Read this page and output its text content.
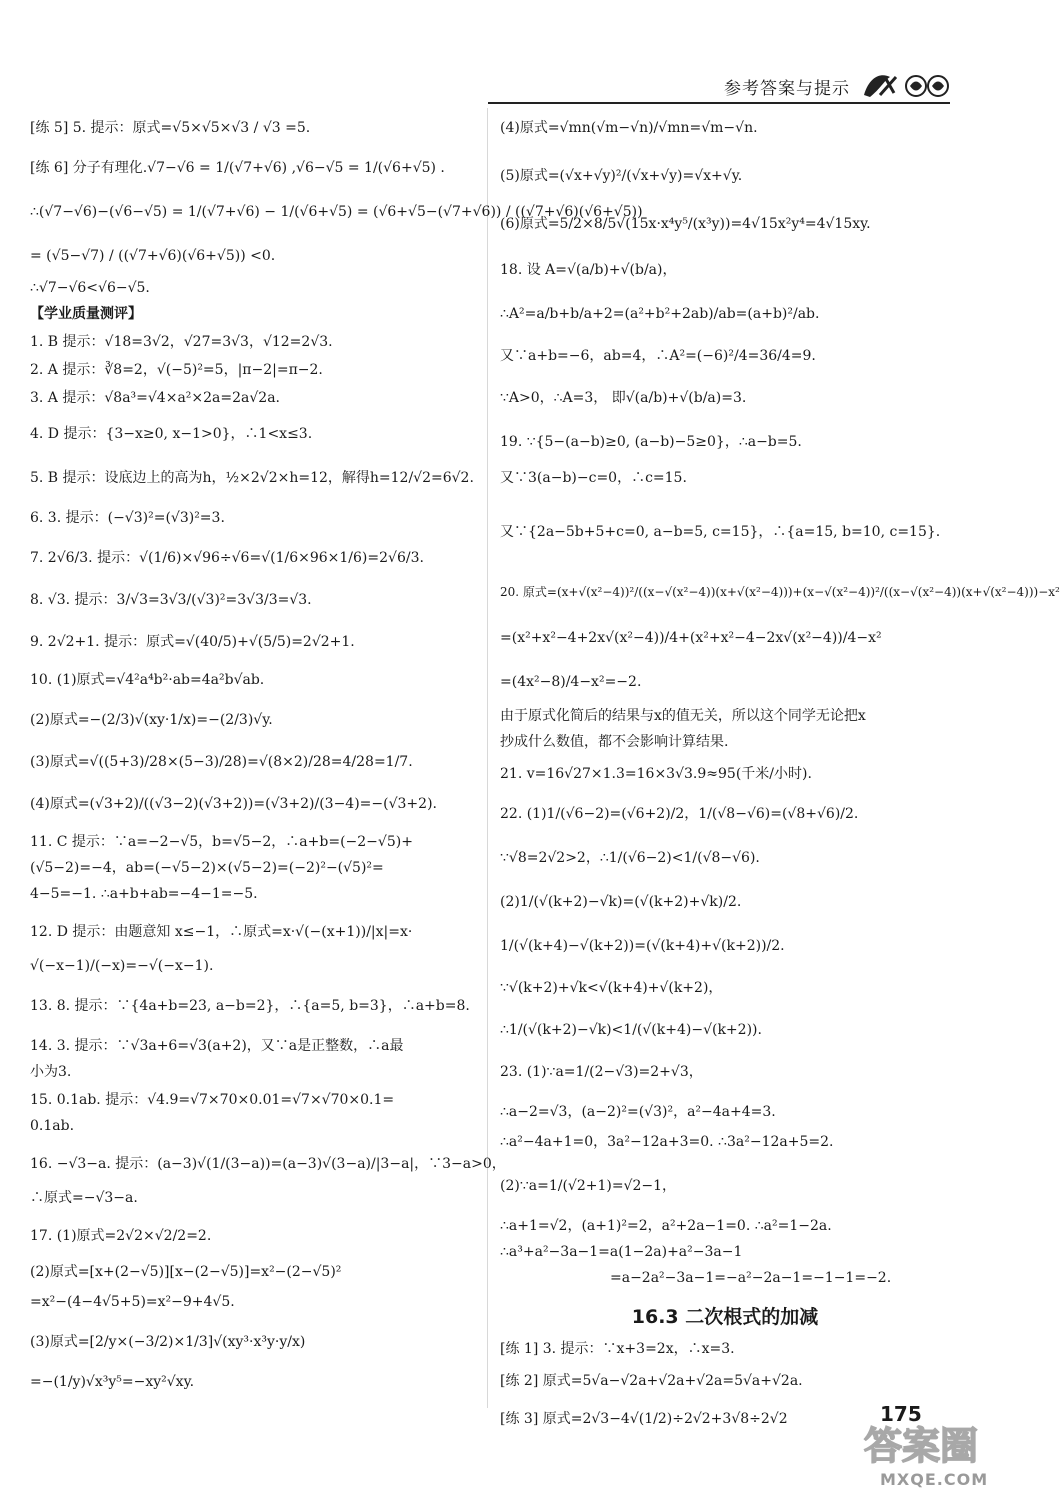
参考答案与提示
[练 5] 5. 提示：原式=√5×√5×√3 / √3 =5.
[练 6] 分子有理化.√7−√6 = 1/(√7+√6) ,√6−√5 = 1/(√6+√5) .
∴(√7−√6)−(√6−√5) = 1/(√7+√6) − 1/(√6+√5) = (√6+√5−(√7+√6)) / ((√7+√6)(√6+√5))
= (√5−√7) / ((√7+√6)(√6+√5)) <0.
∴√7−√6<√6−√5.
【学业质量测评】
1. B 提示：√18=3√2，√27=3√3，√12=2√3.
2. A 提示：∛8=2，√(−5)²=5，|π−2|=π−2.
3. A 提示：√8a³=√4×a²×2a=2a√2a.
4. D 提示：{3−x≥0, x−1>0}，∴1<x≤3.
5. B 提示：设底边上的高为h，½×2√2×h=12，解得h=12/√2=6√2.
6. 3. 提示：(−√3)²=(√3)²=3.
7. 2√6/3. 提示：√(1/6)×√96÷√6=√(1/6×96×1/6)=2√6/3.
8. √3. 提示：3/√3=3√3/(√3)²=3√3/3=√3.
9. 2√2+1. 提示：原式=√(40/5)+√(5/5)=2√2+1.
10. (1)原式=√4²a⁴b²·ab=4a²b√ab.
(2)原式=−(2/3)√(xy·1/x)=−(2/3)√y.
(3)原式=√((5+3)/28×(5−3)/28)=√(8×2)/28=4/28=1/7.
(4)原式=(√3+2)/((√3−2)(√3+2))=(√3+2)/(3−4)=−(√3+2).
11. C 提示：∵a=−2−√5，b=√5−2，∴a+b=(−2−√5)+
(√5−2)=−4，ab=(−√5−2)×(√5−2)=(−2)²−(√5)²=
4−5=−1. ∴a+b+ab=−4−1=−5.
12. D 提示：由题意知 x≤−1，∴原式=x·√(−(x+1))/|x|=x·
√(−x−1)/(−x)=−√(−x−1).
13. 8. 提示：∵{4a+b=23, a−b=2}，∴{a=5, b=3}，∴a+b=8.
14. 3. 提示：∵√3a+6=√3(a+2)，又∵a是正整数，∴a最
小为3.
15. 0.1ab. 提示：√4.9=√7×70×0.01=√7×√70×0.1=
0.1ab.
16. −√3−a. 提示：(a−3)√(1/(3−a))=(a−3)√(3−a)/|3−a|，∵3−a>0，
∴原式=−√3−a.
17. (1)原式=2√2×√2/2=2.
(2)原式=[x+(2−√5)][x−(2−√5)]=x²−(2−√5)²
=x²−(4−4√5+5)=x²−9+4√5.
(3)原式=[2/y×(−3/2)×1/3]√(xy³·x³y·y/x)
=−(1/y)√x³y⁵=−xy²√xy.
(4)原式=√mn(√m−√n)/√mn=√m−√n.
(5)原式=(√x+√y)²/(√x+√y)=√x+√y.
(6)原式=5/2×8/5√(15x·x⁴y⁵/(x³y))=4√15x²y⁴=4√15xy.
18. 设 A=√(a/b)+√(b/a)，
∴A²=a/b+b/a+2=(a²+b²+2ab)/ab=(a+b)²/ab.
又∵a+b=−6，ab=4，∴A²=(−6)²/4=36/4=9.
∵A>0，∴A=3， 即√(a/b)+√(b/a)=3.
19. ∵{5−(a−b)≥0, (a−b)−5≥0}，∴a−b=5.
又∵3(a−b)−c=0，∴c=15.
又∵{2a−5b+5+c=0, a−b=5, c=15}，∴{a=15, b=10, c=15}.
20. 原式=(x+√(x²−4))²/((x−√(x²−4))(x+√(x²−4)))+(x−√(x²−4))²/((x−√(x²−4))(x+√(x²−4)))−x²
=(x²+x²−4+2x√(x²−4))/4+(x²+x²−4−2x√(x²−4))/4−x²
=(4x²−8)/4−x²=−2.
由于原式化简后的结果与x的值无关，所以这个同学无论把x
抄成什么数值，都不会影响计算结果.
21. v=16√27×1.3=16×3√3.9≈95(千米/小时).
22. (1)1/(√6−2)=(√6+2)/2，1/(√8−√6)=(√8+√6)/2.
∵√8=2√2>2，∴1/(√6−2)<1/(√8−√6).
(2)1/(√(k+2)−√k)=(√(k+2)+√k)/2.
1/(√(k+4)−√(k+2))=(√(k+4)+√(k+2))/2.
∵√(k+2)+√k<√(k+4)+√(k+2)，
∴1/(√(k+2)−√k)<1/(√(k+4)−√(k+2)).
23. (1)∵a=1/(2−√3)=2+√3，
∴a−2=√3，(a−2)²=(√3)²，a²−4a+4=3.
∴a²−4a+1=0，3a²−12a+3=0. ∴3a²−12a+5=2.
(2)∵a=1/(√2+1)=√2−1，
∴a+1=√2，(a+1)²=2，a²+2a−1=0. ∴a²=1−2a.
∴a³+a²−3a−1=a(1−2a)+a²−3a−1
=a−2a²−3a−1=−a²−2a−1=−1−1=−2.
16.3 二次根式的加减
[练 1] 3. 提示：∵x+3=2x，∴x=3.
[练 2] 原式=5√a−√2a+√2a+√2a=5√a+√2a.
[练 3] 原式=2√3−4√(1/2)÷2√2+3√8÷2√2	175
答案圈
MXQE.COM
